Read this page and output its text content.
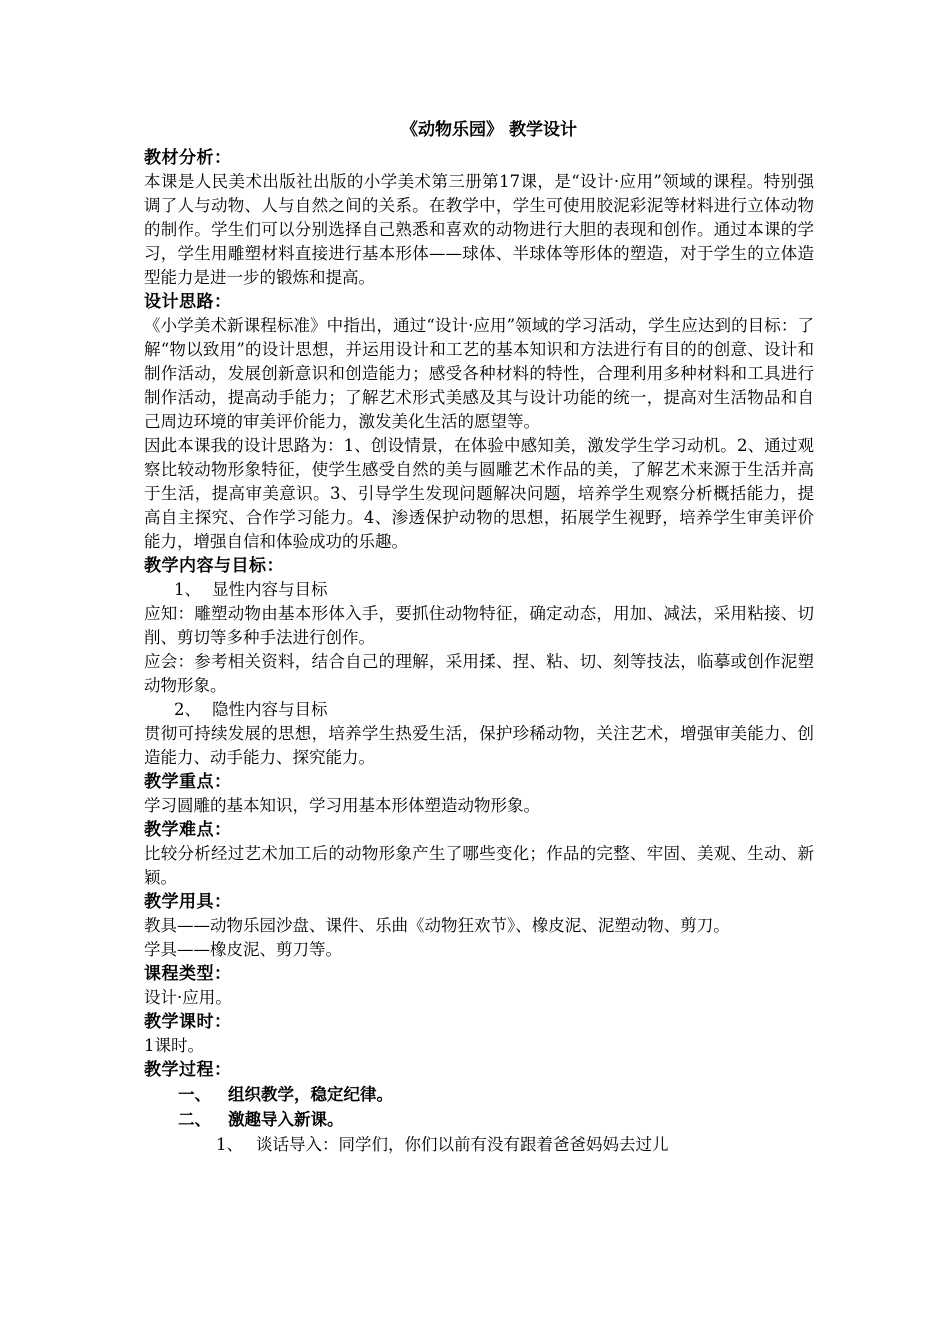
《动物乐园》 教学设计
教材分析：
本课是人民美术出版社出版的小学美术第三册第17课，是“设计·应用”领域的课程。特别强调了人与动物、人与自然之间的关系。在教学中，学生可使用胶泥彩泥等材料进行立体动物的制作。学生们可以分别选择自己熟悉和喜欢的动物进行大胆的表现和创作。通过本课的学习，学生用雕塑材料直接进行基本形体——球体、半球体等形体的塑造，对于学生的立体造型能力是进一步的锻炼和提高。
设计思路：
《小学美术新课程标准》中指出，通过“设计·应用”领域的学习活动，学生应达到的目标：了解“物以致用”的设计思想，并运用设计和工艺的基本知识和方法进行有目的的创意、设计和制作活动，发展创新意识和创造能力；感受各种材料的特性，合理利用多种材料和工具进行制作活动，提高动手能力；了解艺术形式美感及其与设计功能的统一，提高对生活物品和自己周边环境的审美评价能力，激发美化生活的愿望等。
因此本课我的设计思路为：1、创设情景，在体验中感知美，激发学生学习动机。2、通过观察比较动物形象特征，使学生感受自然的美与圆雕艺术作品的美，了解艺术来源于生活并高于生活，提高审美意识。3、引导学生发现问题解决问题，培养学生观察分析概括能力，提高自主探究、合作学习能力。4、渗透保护动物的思想，拓展学生视野，培养学生审美评价能力，增强自信和体验成功的乐趣。
教学内容与目标：
1、 显性内容与目标
应知：雕塑动物由基本形体入手，要抓住动物特征，确定动态，用加、减法，采用粘接、切削、剪切等多种手法进行创作。
应会：参考相关资料，结合自己的理解，采用揉、捏、粘、切、刻等技法，临摹或创作泥塑动物形象。
2、 隐性内容与目标
贯彻可持续发展的思想，培养学生热爱生活，保护珍稀动物，关注艺术，增强审美能力、创造能力、动手能力、探究能力。
教学重点：
学习圆雕的基本知识，学习用基本形体塑造动物形象。
教学难点：
比较分析经过艺术加工后的动物形象产生了哪些变化；作品的完整、牢固、美观、生动、新颖。
教学用具：
教具——动物乐园沙盘、课件、乐曲《动物狂欢节》、橡皮泥、泥塑动物、剪刀。
学具——橡皮泥、剪刀等。
课程类型：
设计·应用。
教学课时：
1课时。
教学过程：
一、 组织教学，稳定纪律。
二、 激趣导入新课。
1、 谈话导入：同学们，你们以前有没有跟着爸爸妈妈去过儿
